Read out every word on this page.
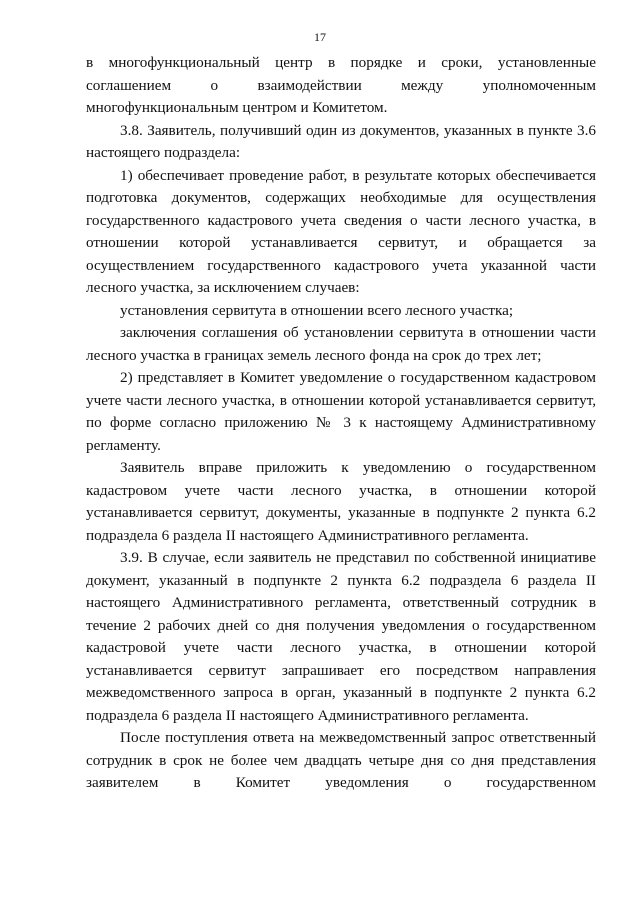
17

в многофункциональный центр в порядке и сроки, установленные соглашением о взаимодействии между уполномоченным многофункциональным центром и Комитетом.

3.8. Заявитель, получивший один из документов, указанных в пункте 3.6 настоящего подраздела:

1) обеспечивает проведение работ, в результате которых обеспечивается подготовка документов, содержащих необходимые для осуществления государственного кадастрового учета сведения о части лесного участка, в отношении которой устанавливается сервитут, и обращается за осуществлением государственного кадастрового учета указанной части лесного участка, за исключением случаев:

установления сервитута в отношении всего лесного участка;

заключения соглашения об установлении сервитута в отношении части лесного участка в границах земель лесного фонда на срок до трех лет;

2) представляет в Комитет уведомление о государственном кадастровом учете части лесного участка, в отношении которой устанавливается сервитут, по форме согласно приложению № 3 к настоящему Административному регламенту.

Заявитель вправе приложить к уведомлению о государственном кадастровом учете части лесного участка, в отношении которой устанавливается сервитут, документы, указанные в подпункте 2 пункта 6.2 подраздела 6 раздела II настоящего Административного регламента.

3.9. В случае, если заявитель не представил по собственной инициативе документ, указанный в подпункте 2 пункта 6.2 подраздела 6 раздела II настоящего Административного регламента, ответственный сотрудник в течение 2 рабочих дней со дня получения уведомления о государственном кадастровой учете части лесного участка, в отношении которой устанавливается сервитут запрашивает его посредством направления межведомственного запроса в орган, указанный в подпункте 2 пункта 6.2 подраздела 6 раздела II настоящего Административного регламента.

После поступления ответа на межведомственный запрос ответственный сотрудник в срок не более чем двадцать четыре дня со дня представления заявителем в Комитет уведомления о государственном
